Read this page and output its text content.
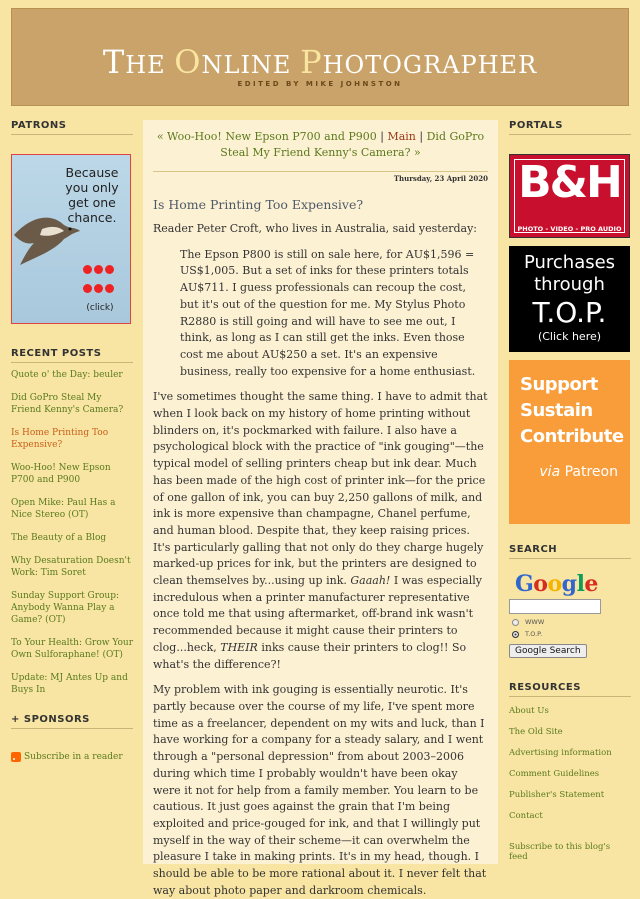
THE ONLINE PHOTOGRAPHER
EDITED BY MIKE JOHNSTON
PATRONS
Because
you only
get one
chance.

(click)
RECENT POSTS
Quote o' the Day: beuler
Did GoPro Steal My Friend Kenny's Camera?
Is Home Printing Too Expensive?
Woo-Hoo! New Epson P700 and P900
Open Mike: Paul Has a Nice Stereo (OT)
The Beauty of a Blog
Why Desaturation Doesn't Work: Tim Soret
Sunday Support Group: Anybody Wanna Play a Game? (OT)
To Your Health: Grow Your Own Sulforaphane! (OT)
Update: MJ Antes Up and Buys In
+ SPONSORS
Subscribe in a reader
« Woo-Hoo! New Epson P700 and P900 | Main | Did GoPro Steal My Friend Kenny's Camera? »
Thursday, 23 April 2020
Is Home Printing Too Expensive?

Reader Peter Croft, who lives in Australia, said yesterday:

The Epson P800 is still on sale here, for AU$1,596 = US$1,005. But a set of inks for these printers totals AU$711. I guess professionals can recoup the cost, but it's out of the question for me. My Stylus Photo R2880 is still going and will have to see me out, I think, as long as I can still get the inks. Even those cost me about AU$250 a set. It's an expensive business, really too expensive for a home enthusiast.

I've sometimes thought the same thing. I have to admit that when I look back on my history of home printing without blinders on, it's pockmarked with failure. I also have a psychological block with the practice of "ink gouging"—the typical model of selling printers cheap but ink dear. Much has been made of the high cost of printer ink—for the price of one gallon of ink, you can buy 2,250 gallons of milk, and ink is more expensive than champagne, Chanel perfume, and human blood. Despite that, they keep raising prices. It's particularly galling that not only do they charge hugely marked-up prices for ink, but the printers are designed to clean themselves by...using up ink. Gaaah! I was especially incredulous when a printer manufacturer representative once told me that using aftermarket, off-brand ink wasn't recommended because it might cause their printers to clog...heck, THEIR inks cause their printers to clog!! So what's the difference?!

My problem with ink gouging is essentially neurotic. It's partly because over the course of my life, I've spent more time as a freelancer, dependent on my wits and luck, than I have working for a company for a steady salary, and I went through a "personal depression" from about 2003–2006 during which time I probably wouldn't have been okay were it not for help from a family member. You learn to be cautious. It just goes against the grain that I'm being exploited and price-gouged for ink, and that I willingly put myself in the way of their scheme—it can overwhelm the pleasure I take in making prints. It's in my head, though. I should be able to be more rational about it. I never felt that way about photo paper and darkroom chemicals.

PORTALS
B&H
PHOTO - VIDEO - PRO AUDIO
Purchases
through
T.O.P.
(Click here)
Support
Sustain
Contribute
via Patreon
SEARCH
Google
WWW
T.O.P.
Google Search
RESOURCES
About Us
The Old Site
Advertising information
Comment Guidelines
Publisher's Statement
Contact
Subscribe to this blog's feed
